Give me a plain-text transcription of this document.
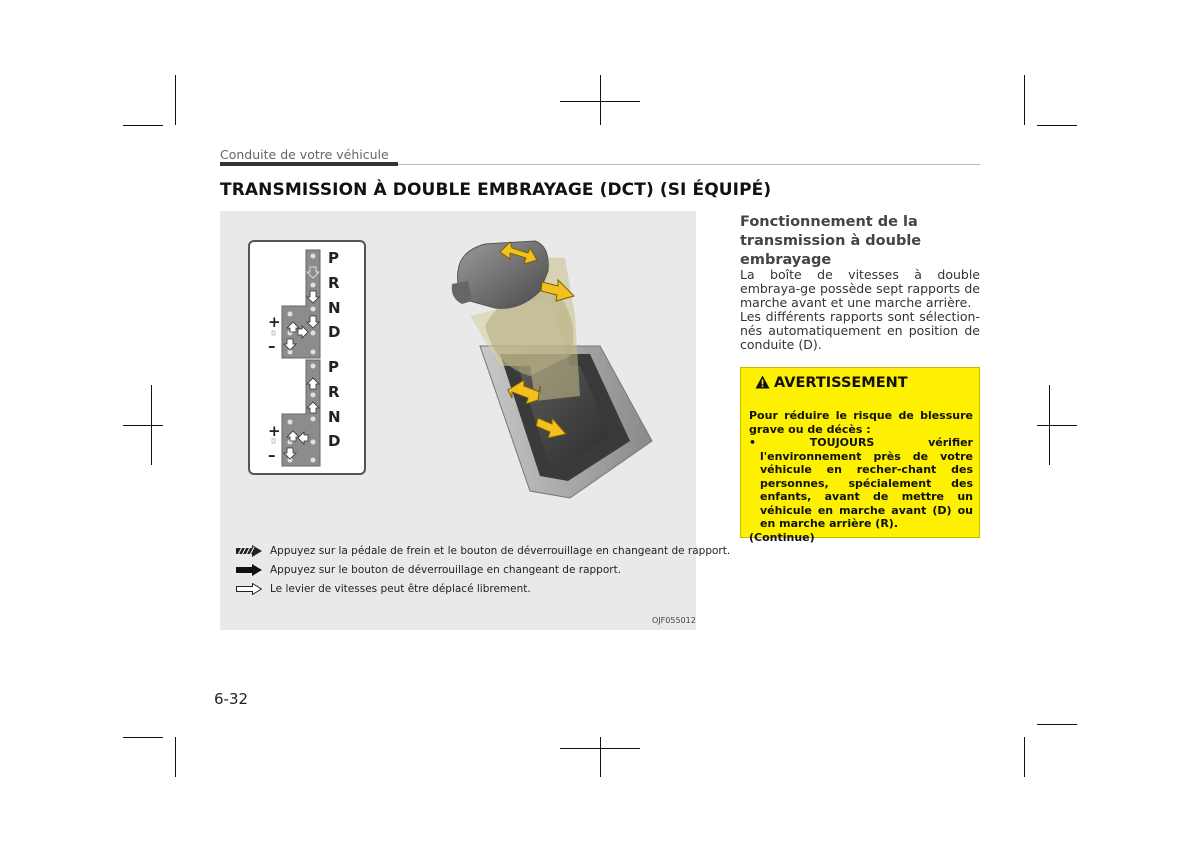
Conduite de votre véhicule
TRANSMISSION À DOUBLE EMBRAYAGE (DCT) (SI ÉQUIPÉ)
P
R
N
D
+
–
P
R
N
D
+
–
Appuyez sur la pédale de frein et le bouton de déverrouillage en changeant de rapport.
Appuyez sur le bouton de déverrouillage en changeant de rapport.
Le levier de vitesses peut être déplacé librement.
OJF055012
Fonctionnement de la transmission à double embrayage
La boîte de vitesses à double embraya-ge possède sept rapports de marche avant et une marche arrière.
Les différents rapports sont sélection-nés automatiquement en position de conduite (D).
AVERTISSEMENT
Pour réduire le risque de blessure grave ou de décès :
• TOUJOURS vérifier l'environnement près de votre véhicule en recher-chant des personnes, spécialement des enfants, avant de mettre un véhicule en marche avant (D) ou en marche arrière (R).
(Continue)
6-32
